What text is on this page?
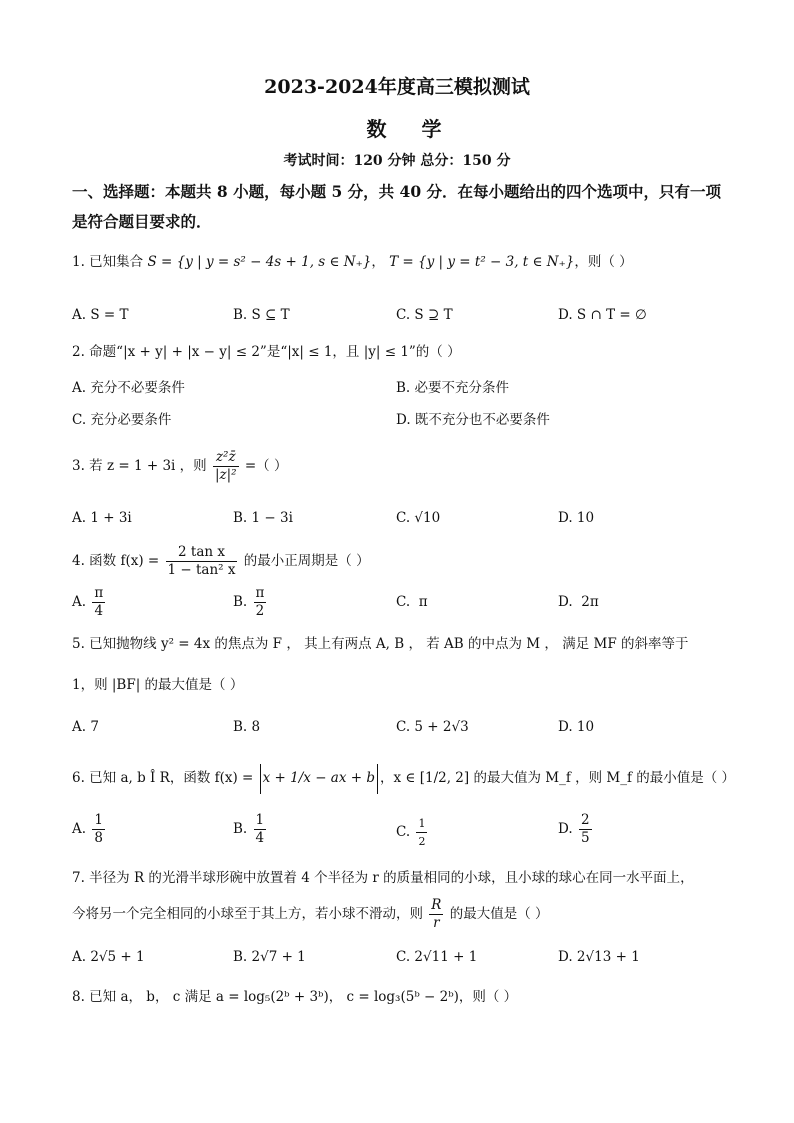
2023-2024年度高三模拟测试
数 学
考试时间：120 分钟 总分：150 分
一、选择题：本题共 8 小题，每小题 5 分，共 40 分．在每小题给出的四个选项中，只有一项
是符合题目要求的．
1. 已知集合 S = {y | y = s² − 4s + 1, s ∈ N₊}， T = {y | y = t² − 3, t ∈ N₊}，则（ ）
A. S = T	B. S ⊆ T	C. S ⊇ T	D. S ∩ T = ∅
2. 命题“|x + y| + |x − y| ≤ 2”是“|x| ≤ 1，且 |y| ≤ 1”的（ ）
A. 充分不必要条件	B. 必要不充分条件
C. 充分必要条件	D. 既不充分也不必要条件
3. 若 z = 1 + 3i ，则 $\frac{\text{z²z̄}}{\text{|z|²}}$ =（ ）
A. 1 + 3i	B. 1 − 3i	C. √10	D. 10
4. 函数 $f(x) = \frac{\text{2 tan x}}{\text{1 − tan² x}}$ 的最小正周期是（ ）
A. $\frac{\pi}{4}$	B. $\frac{\pi}{2}$	C. π	D. 2π
5. 已知抛物线 y² = 4x 的焦点为 F ， 其上有两点 A, B ， 若 AB 的中点为 M ， 满足 MF 的斜率等于
1，则 |BF| 的最大值是（ ）
A. 7	B. 8	C. 5 + 2√3	D. 10
6. 已知 a, b Î R，函数 f(x) = x + 1/x − ax + b ，x ∈ [1/2, 2] 的最大值为 M_f ，则 M_f 的最小值是（ ）
A. $\frac{1}{8}$	B. $\frac{1}{4}$	C. $\frac{1}{2}$	D. $\frac{2}{5}$
7. 半径为 R 的光滑半球形碗中放置着 4 个半径为 r 的质量相同的小球，且小球的球心在同一水平面上，
今将另一个完全相同的小球至于其上方，若小球不滑动，则 $\frac{R}{r}$ 的最大值是（ ）
A. 2√5 + 1	B. 2√7 + 1	C. 2√11 + 1	D. 2√13 + 1
8. 已知 a， b， c 满足 a = log₅(2ᵇ + 3ᵇ)， c = log₃(5ᵇ − 2ᵇ)，则（ ）
